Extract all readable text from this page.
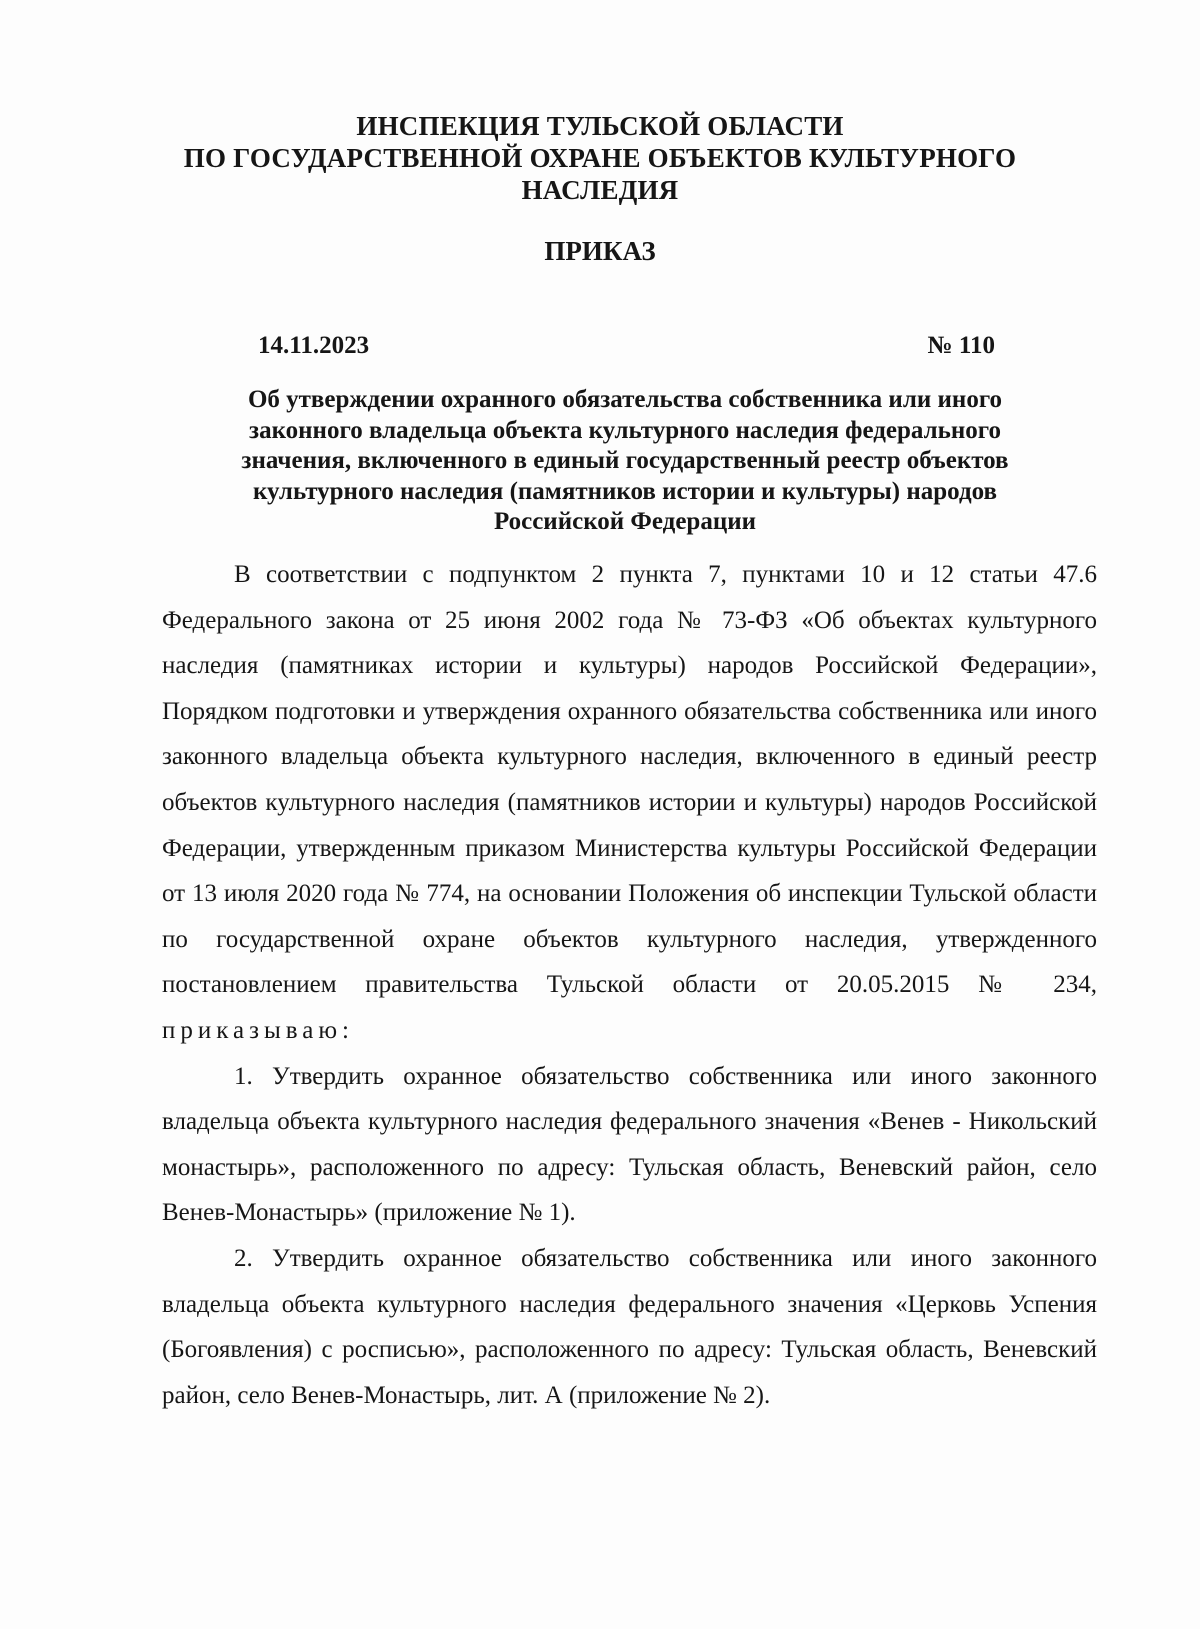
ИНСПЕКЦИЯ ТУЛЬСКОЙ ОБЛАСТИ
ПО ГОСУДАРСТВЕННОЙ ОХРАНЕ ОБЪЕКТОВ КУЛЬТУРНОГО
НАСЛЕДИЯ
ПРИКАЗ
14.11.2023	№ 110
Об утверждении охранного обязательства собственника или иного
законного владельца объекта культурного наследия федерального
значения, включенного в единый государственный реестр объектов
культурного наследия (памятников истории и культуры) народов
Российской Федерации

В соответствии с подпунктом 2 пункта 7, пунктами 10 и 12 статьи 47.6 Федерального закона от 25 июня 2002 года № 73-ФЗ «Об объектах культурного наследия (памятниках истории и культуры) народов Российской Федерации», Порядком подготовки и утверждения охранного обязательства собственника или иного законного владельца объекта культурного наследия, включенного в единый реестр объектов культурного наследия (памятников истории и культуры) народов Российской Федерации, утвержденным приказом Министерства культуры Российской Федерации от 13 июля 2020 года № 774, на основании Положения об инспекции Тульской области по государственной охране объектов культурного наследия, утвержденного постановлением правительства Тульской области от 20.05.2015 № 234, приказываю:

1. Утвердить охранное обязательство собственника или иного законного владельца объекта культурного наследия федерального значения «Венев - Никольский монастырь», расположенного по адресу: Тульская область, Веневский район, село Венев-Монастырь» (приложение № 1).

2. Утвердить охранное обязательство собственника или иного законного владельца объекта культурного наследия федерального значения «Церковь Успения (Богоявления) с росписью», расположенного по адресу: Тульская область, Веневский район, село Венев-Монастырь, лит. А (приложение № 2).
